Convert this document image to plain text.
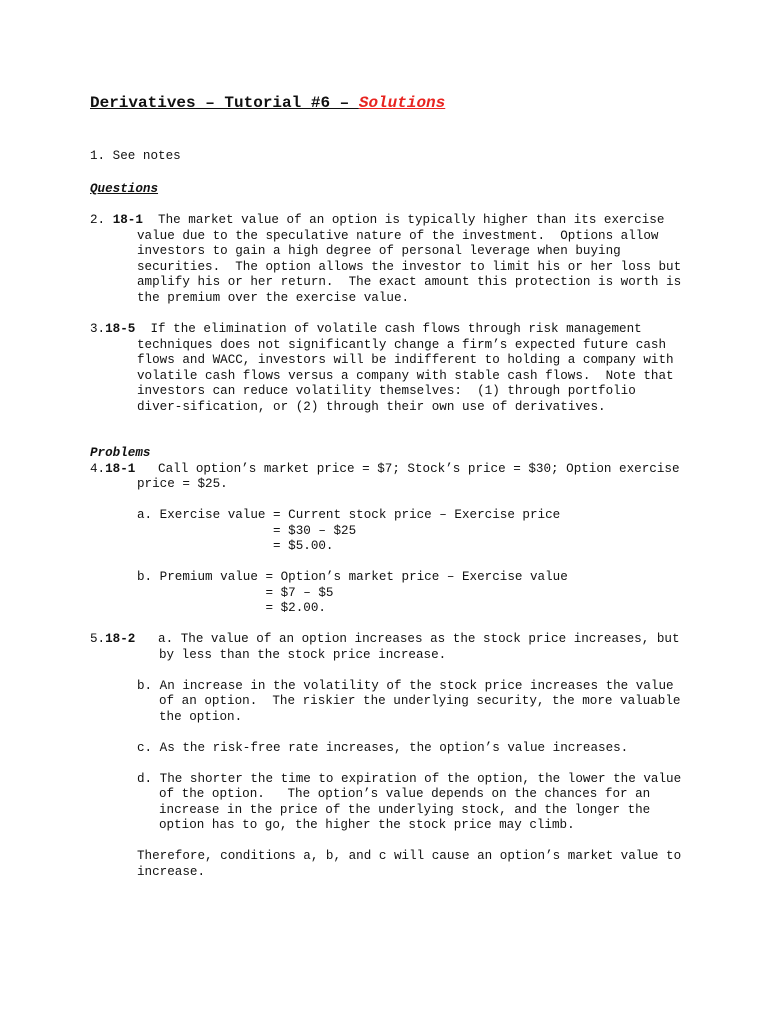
Derivatives – Tutorial #6 – Solutions
1. See notes
Questions
2. 18-1  The market value of an option is typically higher than its exercise
value due to the speculative nature of the investment.  Options allow
investors to gain a high degree of personal leverage when buying
securities.  The option allows the investor to limit his or her loss but
amplify his or her return.  The exact amount this protection is worth is
the premium over the exercise value.
3.18-5  If the elimination of volatile cash flows through risk management
techniques does not significantly change a firm’s expected future cash
flows and WACC, investors will be indifferent to holding a company with
volatile cash flows versus a company with stable cash flows.  Note that
investors can reduce volatility themselves:  (1) through portfolio
diver-sification, or (2) through their own use of derivatives.
Problems
4.18-1   Call option’s market price = $7; Stock’s price = $30; Option exercise
price = $25.
a. Exercise value = Current stock price – Exercise price
= $30 – $25
= $5.00.
b. Premium value = Option’s market price – Exercise value
= $7 – $5
= $2.00.
5.18-2   a. The value of an option increases as the stock price increases, but
by less than the stock price increase.
b. An increase in the volatility of the stock price increases the value
of an option.  The riskier the underlying security, the more valuable
the option.
c. As the risk-free rate increases, the option’s value increases.
d. The shorter the time to expiration of the option, the lower the value
of the option.   The option’s value depends on the chances for an
increase in the price of the underlying stock, and the longer the
option has to go, the higher the stock price may climb.
Therefore, conditions a, b, and c will cause an option’s market value to
increase.
